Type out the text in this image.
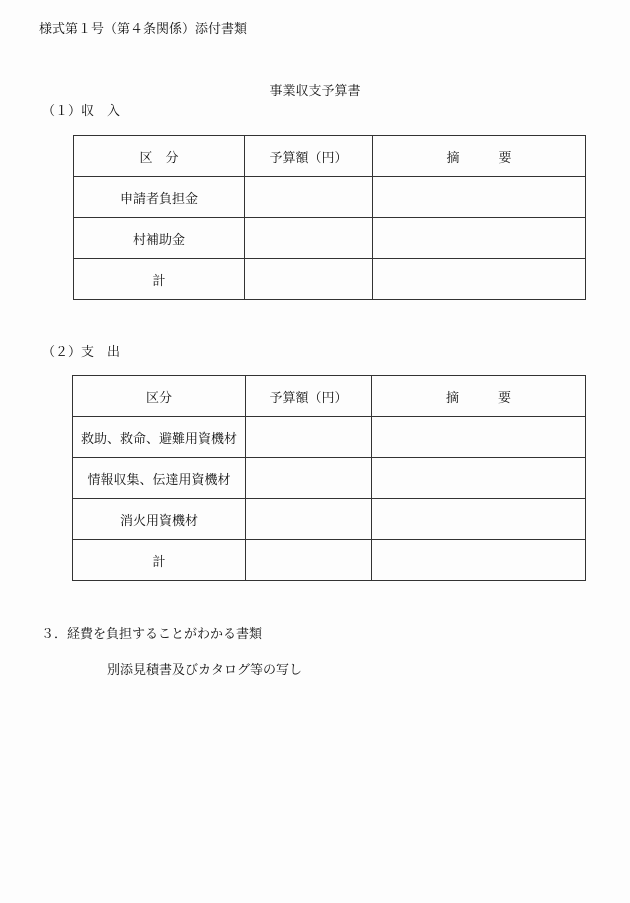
様式第１号（第４条関係）添付書類
事業収支予算書
（１）収　入
区　分	予算額（円）	摘　　　要
申請者負担金		
村補助金		
計		
（２）支　出
区分	予算額（円）	摘　　　要
救助、救命、避難用資機材		
情報収集、伝達用資機材		
消火用資機材		
計		
３．経費を負担することがわかる書類
別添見積書及びカタログ等の写し
